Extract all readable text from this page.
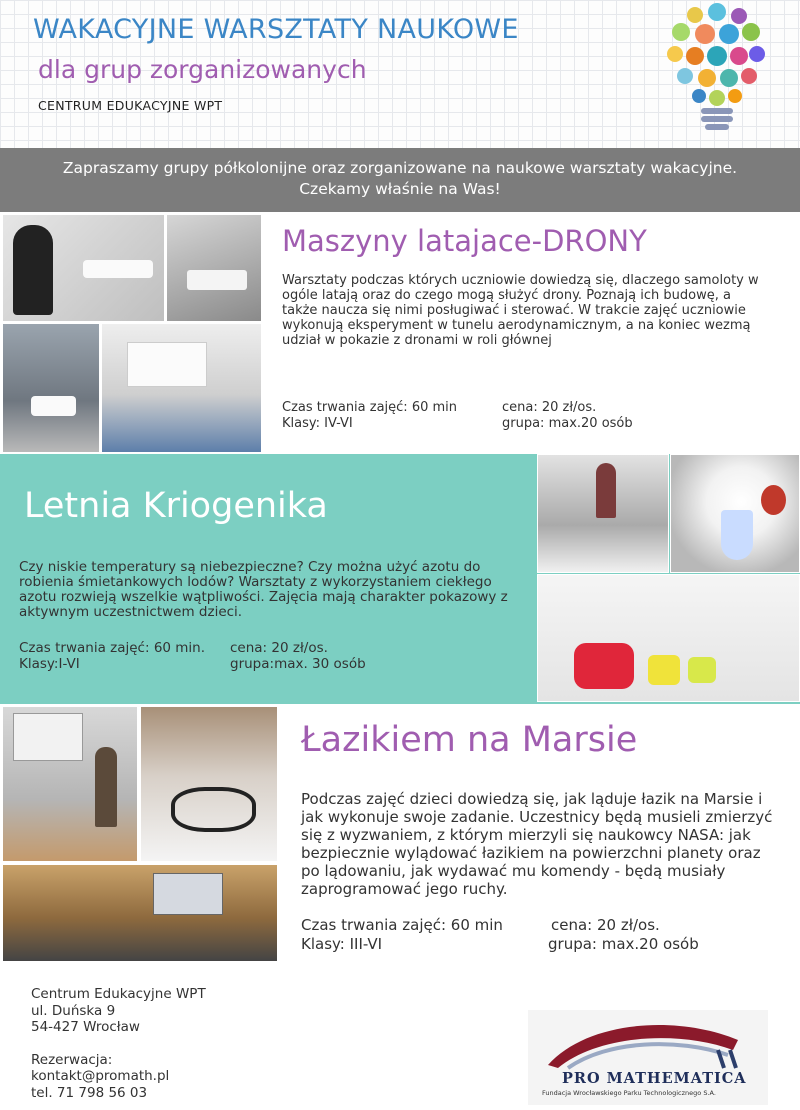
WAKACYJNE WARSZTATY NAUKOWE
dla grup zorganizowanych
CENTRUM EDUKACYJNE WPT
Zapraszamy grupy półkolonijne oraz zorganizowane na naukowe warsztaty wakacyjne.
Czekamy właśnie na Was!
Maszyny latajace-DRONY
Warsztaty podczas których uczniowie dowiedzą się, dlaczego samoloty w ogóle latają oraz do czego mogą służyć drony. Poznają ich budowę, a także naucza się nimi posługiwać i sterować. W trakcie zajęć uczniowie wykonują eksperyment w tunelu aerodynamicznym, a na koniec wezmą udział w pokazie z dronami w roli głównej
Czas trwania zajęć: 60 min	cena: 20 zł/os.
Klasy: IV-VI	grupa: max.20 osób
Letnia Kriogenika
Czy niskie temperatury są niebezpieczne? Czy można użyć azotu do robienia śmietankowych lodów? Warsztaty z wykorzystaniem ciekłego azotu rozwieją wszelkie wątpliwości. Zajęcia mają charakter pokazowy z aktywnym uczestnictwem dzieci.
Czas trwania zajęć: 60 min. cena: 20 zł/os.
Klasy:I-VI	grupa:max. 30 osób
Łazikiem na Marsie
Podczas zajęć dzieci dowiedzą się, jak ląduje łazik na Marsie i jak wykonuje swoje zadanie. Uczestnicy będą musieli zmierzyć się z wyzwaniem, z którym mierzyli się naukowcy NASA: jak bezpiecznie wylądować łazikiem na powierzchni planety oraz po lądowaniu, jak wydawać mu komendy - będą musiały zaprogramować jego ruchy.
Czas trwania zajęć: 60 min	cena: 20 zł/os.
Klasy: III-VI	grupa: max.20 osób
Centrum Edukacyjne WPT
ul. Duńska 9
54-427 Wrocław
Rezerwacja:
kontakt@promath.pl
tel. 71 798 56 03
PRO MATHEMATICA
Fundacja Wrocławskiego Parku Technologicznego S.A.
